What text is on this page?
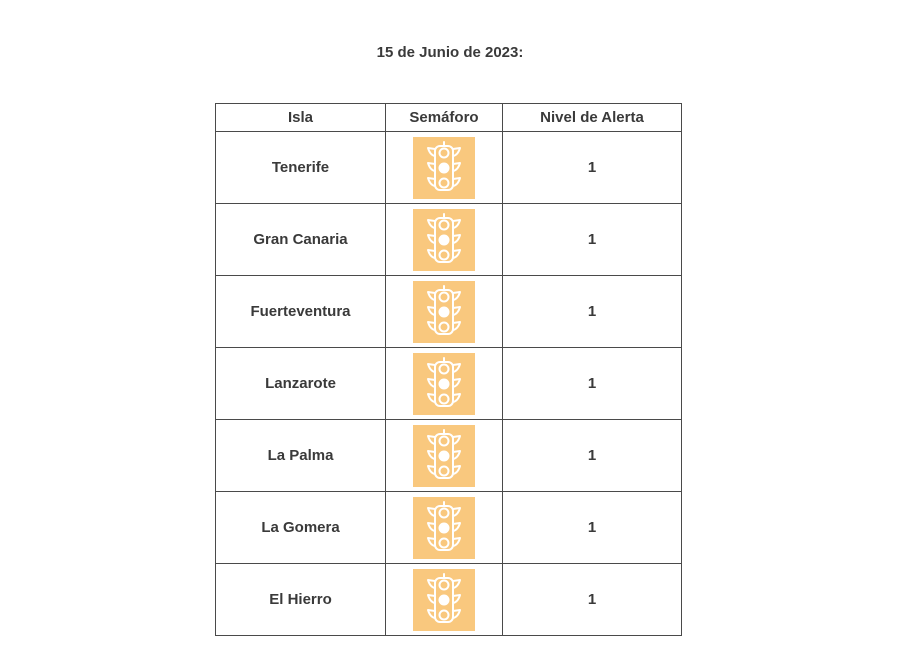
15 de Junio de 2023:
Isla	Semáforo	Nivel de Alerta
Tenerife		1
Gran Canaria		1
Fuerteventura		1
Lanzarote		1
La Palma		1
La Gomera		1
El Hierro		1
